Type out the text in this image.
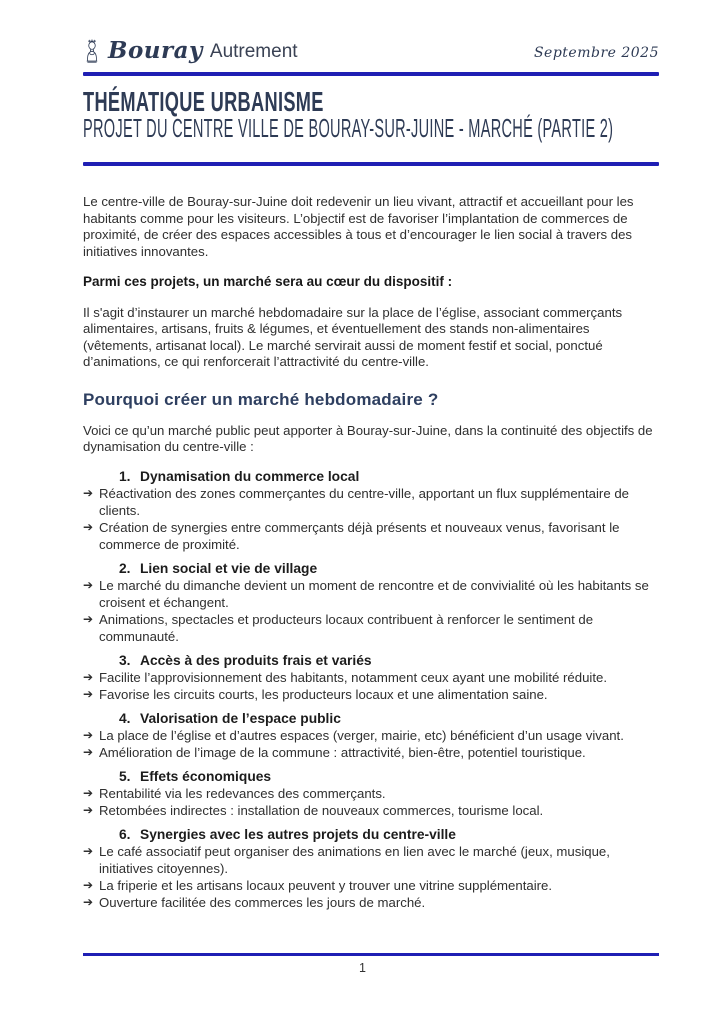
Bouray Autrement	Septembre 2025
THÉMATIQUE URBANISME
PROJET DU CENTRE VILLE DE BOURAY-SUR-JUINE - MARCHÉ (PARTIE 2)

Le centre-ville de Bouray-sur-Juine doit redevenir un lieu vivant, attractif et accueillant pour les habitants comme pour les visiteurs. L’objectif est de favoriser l’implantation de commerces de proximité, de créer des espaces accessibles à tous et d’encourager le lien social à travers des initiatives innovantes.

Parmi ces projets, un marché sera au cœur du dispositif :

Il s'agit d’instaurer un marché hebdomadaire sur la place de l’église, associant commerçants alimentaires, artisans, fruits & légumes, et éventuellement des stands non-alimentaires (vêtements, artisanat local). Le marché servirait aussi de moment festif et social, ponctué d’animations, ce qui renforcerait l’attractivité du centre-ville.

Pourquoi créer un marché hebdomadaire ?

Voici ce qu’un marché public peut apporter à Bouray-sur-Juine, dans la continuité des objectifs de dynamisation du centre-ville :

1. Dynamisation du commerce local
➔ Réactivation des zones commerçantes du centre-ville, apportant un flux supplémentaire de clients.
➔ Création de synergies entre commerçants déjà présents et nouveaux venus, favorisant le commerce de proximité.
2. Lien social et vie de village
➔ Le marché du dimanche devient un moment de rencontre et de convivialité où les habitants se croisent et échangent.
➔ Animations, spectacles et producteurs locaux contribuent à renforcer le sentiment de communauté.
3. Accès à des produits frais et variés
➔ Facilite l’approvisionnement des habitants, notamment ceux ayant une mobilité réduite.
➔ Favorise les circuits courts, les producteurs locaux et une alimentation saine.
4. Valorisation de l’espace public
➔ La place de l’église et d’autres espaces (verger, mairie, etc) bénéficient d’un usage vivant.
➔ Amélioration de l’image de la commune : attractivité, bien-être, potentiel touristique.
5. Effets économiques
➔ Rentabilité via les redevances des commerçants.
➔ Retombées indirectes : installation de nouveaux commerces, tourisme local.
6. Synergies avec les autres projets du centre-ville
➔ Le café associatif peut organiser des animations en lien avec le marché (jeux, musique, initiatives citoyennes).
➔ La friperie et les artisans locaux peuvent y trouver une vitrine supplémentaire.
➔ Ouverture facilitée des commerces les jours de marché.
1
